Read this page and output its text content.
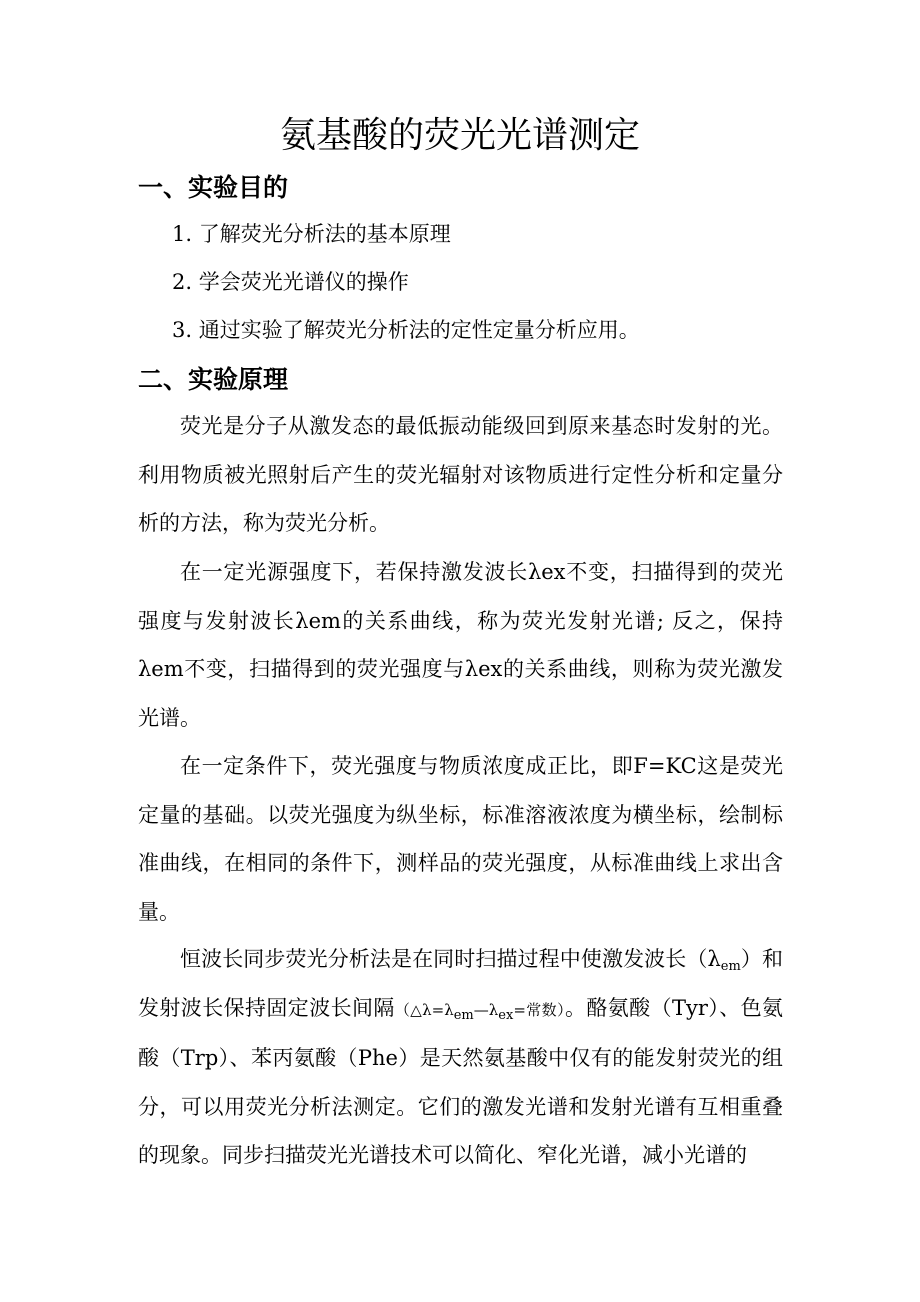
氨基酸的荧光光谱测定
一、实验目的
1. 了解荧光分析法的基本原理
2. 学会荧光光谱仪的操作
3. 通过实验了解荧光分析法的定性定量分析应用。
二、实验原理

荧光是分子从激发态的最低振动能级回到原来基态时发射的光。利用物质被光照射后产生的荧光辐射对该物质进行定性分析和定量分析的方法，称为荧光分析。

在一定光源强度下，若保持激发波长λex不变，扫描得到的荧光强度与发射波长λem的关系曲线，称为荧光发射光谱; 反之，保持λem不变，扫描得到的荧光强度与λex的关系曲线，则称为荧光激发光谱。

在一定条件下，荧光强度与物质浓度成正比，即F=KC这是荧光定量的基础。以荧光强度为纵坐标，标准溶液浓度为横坐标，绘制标准曲线，在相同的条件下，测样品的荧光强度，从标准曲线上求出含量。

恒波长同步荧光分析法是在同时扫描过程中使激发波长$(\lambda_{em})$和发射波长保持固定波长间隔（$\triangle\lambda=\lambda_{em}—\lambda_{ex}=$常数）。酪氨酸（Tyr）、色氨酸（Trp）、苯丙氨酸（Phe）是天然氨基酸中仅有的能发射荧光的组分，可以用荧光分析法测定。它们的激发光谱和发射光谱有互相重叠的现象。同步扫描荧光光谱技术可以简化、窄化光谱，减小光谱的
